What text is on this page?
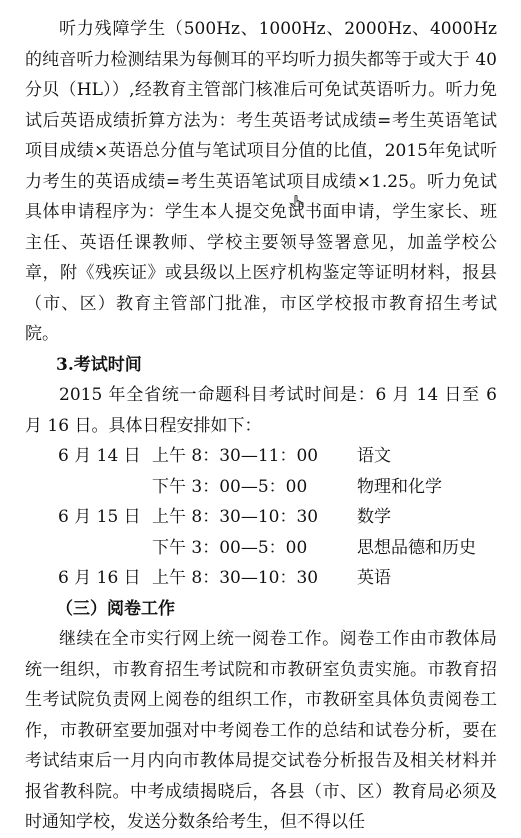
听力残障学生（500Hz、1000Hz、2000Hz、4000Hz 的纯音听力检测结果为每侧耳的平均听力损失都等于或大于 40分贝（HL））,经教育主管部门核准后可免试英语听力。听力免试后英语成绩折算方法为：考生英语考试成绩=考生英语笔试项目成绩×英语总分值与笔试项目分值的比值，2015年免试听力考生的英语成绩=考生英语笔试项目成绩×1.25。听力免试具体申请程序为：学生本人提交免试书面申请，学生家长、班主任、英语任课教师、学校主要领导签署意见，加盖学校公章，附《残疾证》或县级以上医疗机构鉴定等证明材料，报县（市、区）教育主管部门批准，市区学校报市教育招生考试院。

3.考试时间

2015 年全省统一命题科目考试时间是：6 月 14 日至 6 月 16 日。具体日程安排如下：

6 月 14 日 上午 8：30—11：00	语文
下午 3：00—5：00	物理和化学
6 月 15 日 上午 8：30—10：30	数学
下午 3：00—5：00	思想品德和历史
6 月 16 日 上午 8：30—10：30	英语

（三）阅卷工作

继续在全市实行网上统一阅卷工作。阅卷工作由市教体局统一组织，市教育招生考试院和市教研室负责实施。市教育招生考试院负责网上阅卷的组织工作，市教研室具体负责阅卷工作，市教研室要加强对中考阅卷工作的总结和试卷分析，要在考试结束后一月内向市教体局提交试卷分析报告及相关材料并报省教科院。中考成绩揭晓后，各县（市、区）教育局必须及时通知学校，发送分数条给考生，但不得以任
